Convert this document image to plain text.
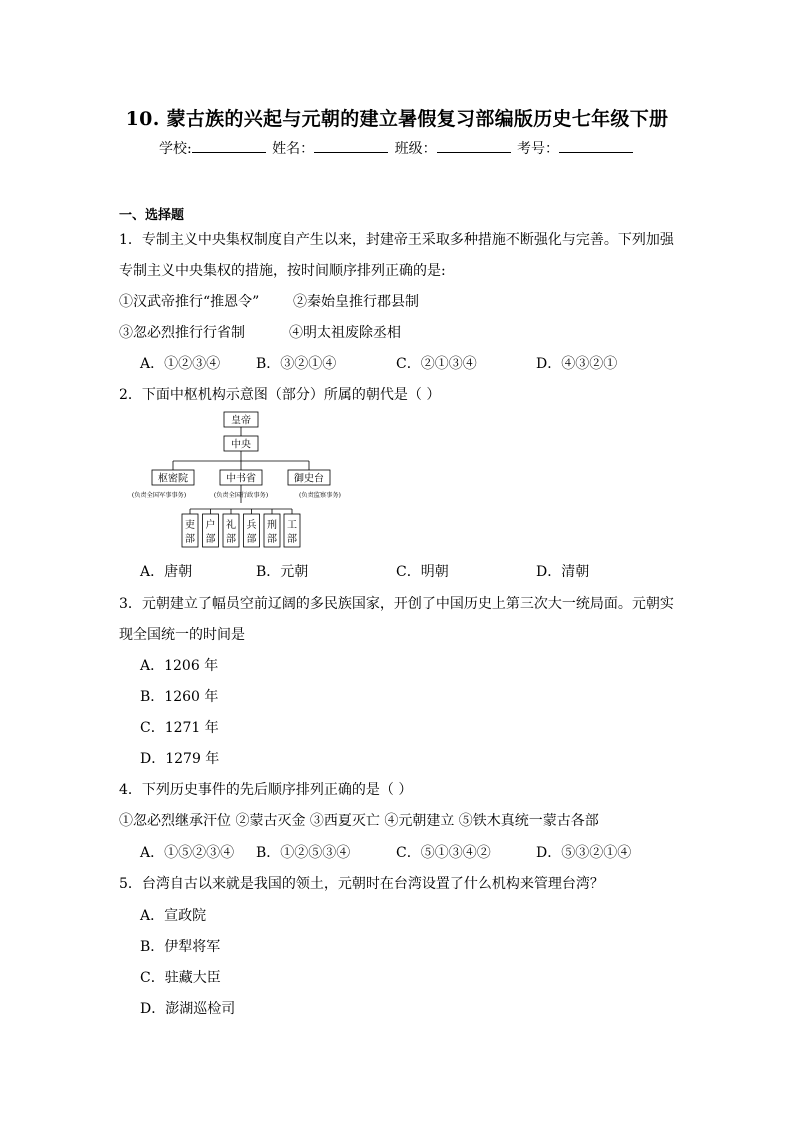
10. 蒙古族的兴起与元朝的建立暑假复习部编版历史七年级下册
学校:	姓名：	班级：	考号：
一、选择题
1．专制主义中央集权制度自产生以来，封建帝王采取多种措施不断强化与完善。下列加强
专制主义中央集权的措施，按时间顺序排列正确的是:
①汉武帝推行“推恩令” ②秦始皇推行郡县制
③忽必烈推行行省制	④明太祖废除丞相
A．①②③④	B．③②①④	C．②①③④	D．④③②①
2．下面中枢机构示意图（部分）所属的朝代是（ ）
皇帝
中央
枢密院	中书省	御史台
(负责全国军事事务)	(负责全国行政事务)	(负责监察事务)
吏部
户部
礼部
兵部
刑部
工部
A．唐朝	B．元朝	C．明朝	D．清朝
3．元朝建立了幅员空前辽阔的多民族国家，开创了中国历史上第三次大一统局面。元朝实
现全国统一的时间是
A．1206 年
B．1260 年
C．1271 年
D．1279 年
4．下列历史事件的先后顺序排列正确的是（ ）
①忽必烈继承汗位 ②蒙古灭金 ③西夏灭亡 ④元朝建立 ⑤铁木真统一蒙古各部
A．①⑤②③④ B．①②⑤③④	C．⑤①③④②	D．⑤③②①④
5．台湾自古以来就是我国的领土，元朝时在台湾设置了什么机构来管理台湾？
A．宣政院
B．伊犁将军
C．驻藏大臣
D．澎湖巡检司
